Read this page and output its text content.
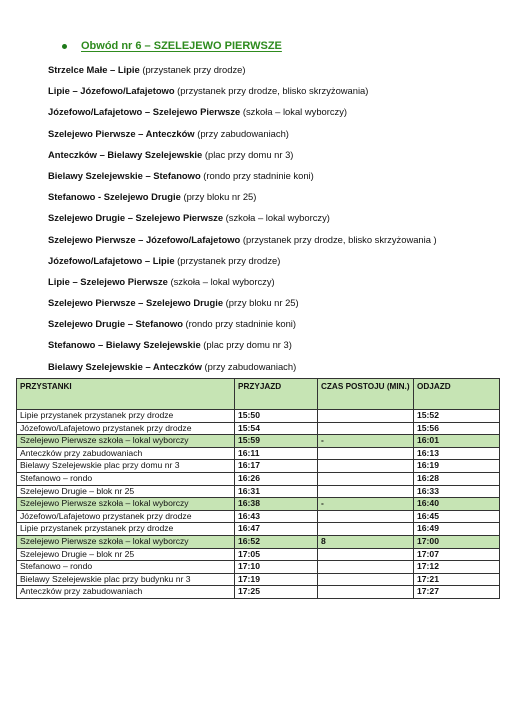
Obwód nr 6 – SZELEJEWO PIERWSZE
Strzelce Małe – Lipie (przystanek przy drodze)
Lipie – Józefowo/Lafajetowo (przystanek przy drodze, blisko skrzyżowania)
Józefowo/Lafajetowo – Szelejewo Pierwsze (szkoła – lokal wyborczy)
Szelejewo Pierwsze – Anteczków (przy zabudowaniach)
Anteczków – Bielawy Szelejewskie (plac przy domu nr 3)
Bielawy Szelejewskie – Stefanowo (rondo przy stadninie koni)
Stefanowo - Szelejewo Drugie (przy bloku nr 25)
Szelejewo Drugie – Szelejewo Pierwsze (szkoła – lokal wyborczy)
Szelejewo Pierwsze – Józefowo/Lafajetowo (przystanek przy drodze, blisko skrzyżowania )
Józefowo/Lafajetowo – Lipie (przystanek przy drodze)
Lipie – Szelejewo Pierwsze (szkoła – lokal wyborczy)
Szelejewo Pierwsze – Szelejewo Drugie (przy bloku nr 25)
Szelejewo Drugie – Stefanowo (rondo przy stadninie koni)
Stefanowo – Bielawy Szelejewskie (plac przy domu nr 3)
Bielawy Szelejewskie – Anteczków (przy zabudowaniach)
PRZYSTANKI	PRZYJAZD	CZAS POSTOJU (MIN.)	ODJAZD
Lipie przystanek przystanek przy drodze	15:50		15:52
Józefowo/Lafajetowo przystanek przy drodze	15:54		15:56
Szelejewo Pierwsze szkoła – lokal wyborczy	15:59	-	16:01
Anteczków przy zabudowaniach	16:11		16:13
Bielawy Szelejewskie plac przy domu nr 3	16:17		16:19
Stefanowo – rondo	16:26		16:28
Szelejewo Drugie – blok nr 25	16:31		16:33
Szelejewo Pierwsze szkoła – lokal wyborczy	16:38	-	16:40
Józefowo/Lafajetowo przystanek przy drodze	16:43		16:45
Lipie przystanek przystanek przy drodze	16:47		16:49
Szelejewo Pierwsze szkoła – lokal wyborczy	16:52	8	17:00
Szelejewo Drugie – blok nr 25	17:05		17:07
Stefanowo – rondo	17:10		17:12
Bielawy Szelejewskie plac przy budynku nr 3	17:19		17:21
Anteczków przy zabudowaniach	17:25		17:27
